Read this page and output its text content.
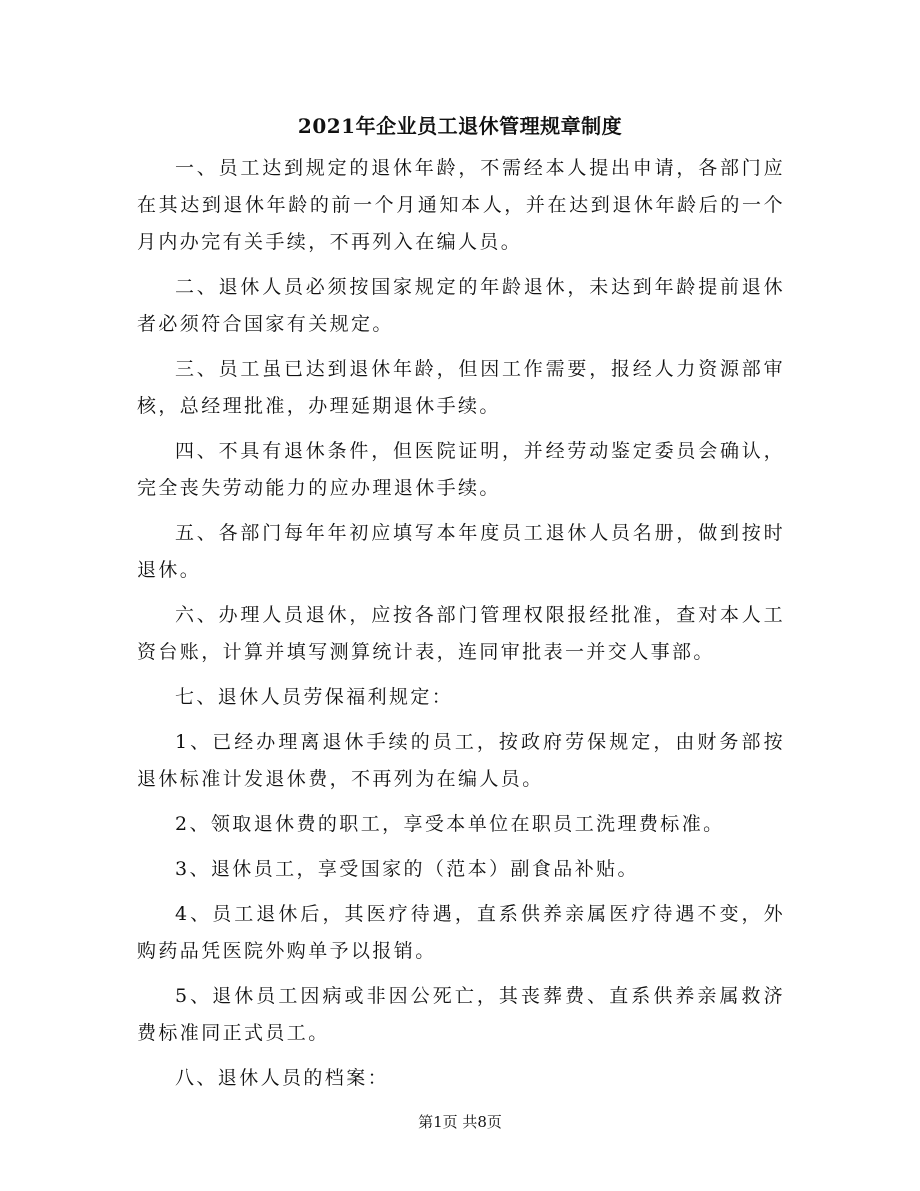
2021年企业员工退休管理规章制度

一、员工达到规定的退休年龄，不需经本人提出申请，各部门应在其达到退休年龄的前一个月通知本人，并在达到退休年龄后的一个月内办完有关手续，不再列入在编人员。

二、退休人员必须按国家规定的年龄退休，未达到年龄提前退休者必须符合国家有关规定。

三、员工虽已达到退休年龄，但因工作需要，报经人力资源部审核，总经理批准，办理延期退休手续。

四、不具有退休条件，但医院证明，并经劳动鉴定委员会确认，完全丧失劳动能力的应办理退休手续。

五、各部门每年年初应填写本年度员工退休人员名册，做到按时退休。

六、办理人员退休，应按各部门管理权限报经批准，查对本人工资台账，计算并填写测算统计表，连同审批表一并交人事部。

七、退休人员劳保福利规定：

1、已经办理离退休手续的员工，按政府劳保规定，由财务部按退休标准计发退休费，不再列为在编人员。

2、领取退休费的职工，享受本单位在职员工洗理费标准。

3、退休员工，享受国家的（范本）副食品补贴。

4、员工退休后，其医疗待遇，直系供养亲属医疗待遇不变，外购药品凭医院外购单予以报销。

5、退休员工因病或非因公死亡，其丧葬费、直系供养亲属救济费标准同正式员工。

八、退休人员的档案：

第1页 共8页
